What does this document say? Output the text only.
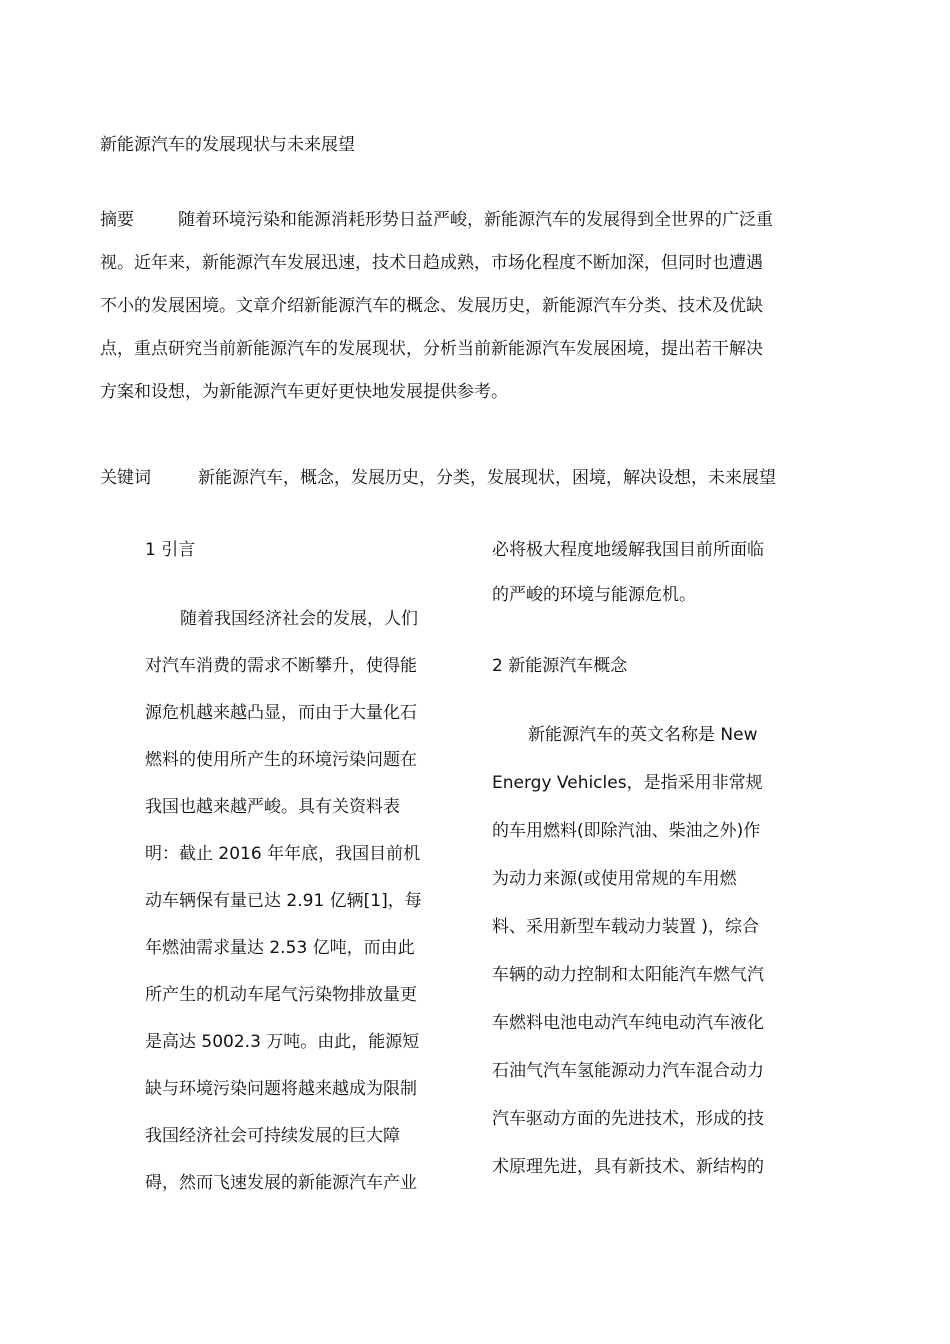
新能源汽车的发展现状与未来展望
摘要	随着环境污染和能源消耗形势日益严峻，新能源汽车的发展得到全世界的广泛重
视。近年来，新能源汽车发展迅速，技术日趋成熟，市场化程度不断加深，但同时也遭遇
不小的发展困境。文章介绍新能源汽车的概念、发展历史，新能源汽车分类、技术及优缺
点，重点研究当前新能源汽车的发展现状，分析当前新能源汽车发展困境，提出若干解决
方案和设想，为新能源汽车更好更快地发展提供参考。
关键词	新能源汽车，概念，发展历史，分类，发展现状，困境，解决设想，未来展望
1 引言
随着我国经济社会的发展，人们
对汽车消费的需求不断攀升，使得能
源危机越来越凸显，而由于大量化石
燃料的使用所产生的环境污染问题在
我国也越来越严峻。具有关资料表
明：截止 2016 年年底，我国目前机
动车辆保有量已达 2.91 亿辆[1]，每
年燃油需求量达 2.53 亿吨，而由此
所产生的机动车尾气污染物排放量更
是高达 5002.3 万吨。由此，能源短
缺与环境污染问题将越来越成为限制
我国经济社会可持续发展的巨大障
碍，然而飞速发展的新能源汽车产业
必将极大程度地缓解我国目前所面临
的严峻的环境与能源危机。
2 新能源汽车概念
新能源汽车的英文名称是 New
Energy Vehicles，是指采用非常规
的车用燃料(即除汽油、柴油之外)作
为动力来源(或使用常规的车用燃
料、采用新型车载动力装置 )，综合
车辆的动力控制和太阳能汽车燃气汽
车燃料电池电动汽车纯电动汽车液化
石油气汽车氢能源动力汽车混合动力
汽车驱动方面的先进技术，形成的技
术原理先进，具有新技术、新结构的
